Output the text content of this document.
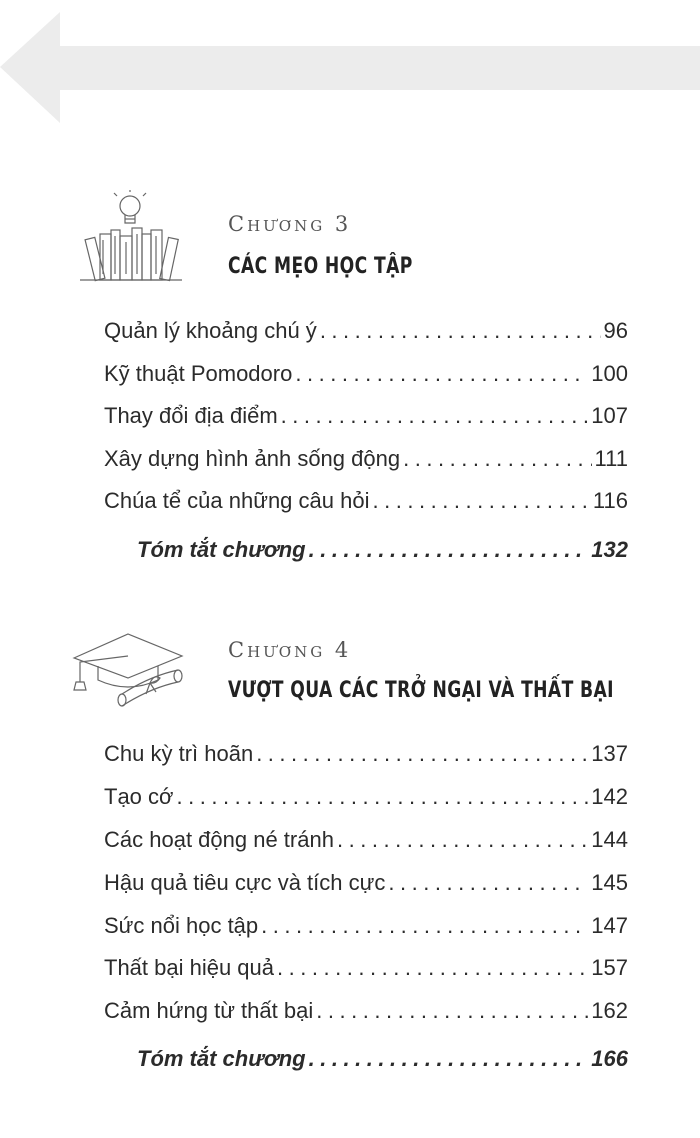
Chương 3
CÁC MẸO HỌC TẬP
Quản lý khoảng chú ý . . .	96
Kỹ thuật Pomodoro . . .	100
Thay đổi địa điểm . . .	107
Xây dựng hình ảnh sống động . . .	111
Chúa tể của những câu hỏi . . .	116
Tóm tắt chương . . .	132
Chương 4
VƯỢT QUA CÁC TRỞ NGẠI VÀ THẤT BẠI
Chu kỳ trì hoãn . . .	137
Tạo cớ . . .	142
Các hoạt động né tránh . . .	144
Hậu quả tiêu cực và tích cực . . .	145
Sức nổi học tập . . .	147
Thất bại hiệu quả . . .	157
Cảm hứng từ thất bại . . .	162
Tóm tắt chương . . .	166
